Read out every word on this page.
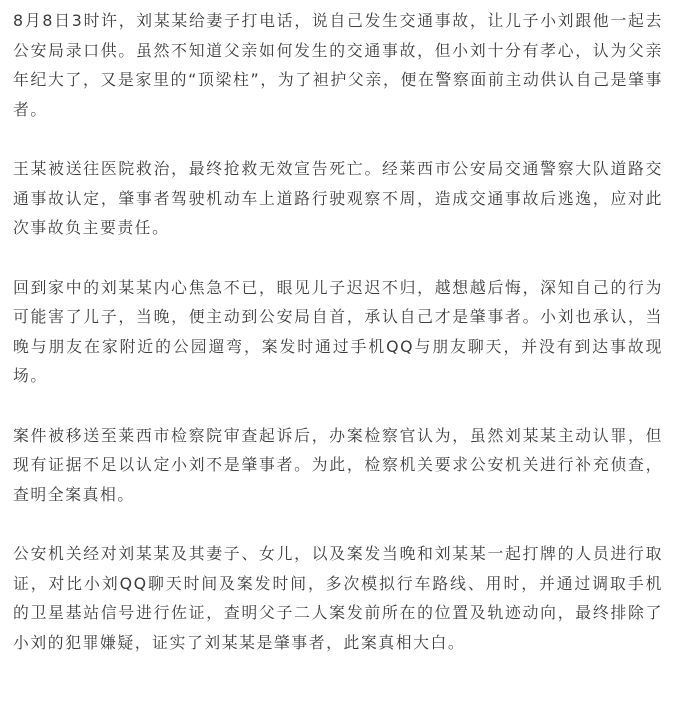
8月8日3时许，刘某某给妻子打电话，说自己发生交通事故，让儿子小刘跟他一起去公安局录口供。虽然不知道父亲如何发生的交通事故，但小刘十分有孝心，认为父亲年纪大了，又是家里的“顶梁柱”，为了袒护父亲，便在警察面前主动供认自己是肇事者。

王某被送往医院救治，最终抢救无效宣告死亡。经莱西市公安局交通警察大队道路交通事故认定，肇事者驾驶机动车上道路行驶观察不周，造成交通事故后逃逸，应对此次事故负主要责任。

回到家中的刘某某内心焦急不已，眼见儿子迟迟不归，越想越后悔，深知自己的行为可能害了儿子，当晚，便主动到公安局自首，承认自己才是肇事者。小刘也承认，当晚与朋友在家附近的公园遛弯，案发时通过手机QQ与朋友聊天，并没有到达事故现场。

案件被移送至莱西市检察院审查起诉后，办案检察官认为，虽然刘某某主动认罪，但现有证据不足以认定小刘不是肇事者。为此，检察机关要求公安机关进行补充侦查，查明全案真相。

公安机关经对刘某某及其妻子、女儿，以及案发当晚和刘某某一起打牌的人员进行取证，对比小刘QQ聊天时间及案发时间，多次模拟行车路线、用时，并通过调取手机的卫星基站信号进行佐证，查明父子二人案发前所在的位置及轨迹动向，最终排除了小刘的犯罪嫌疑，证实了刘某某是肇事者，此案真相大白。
